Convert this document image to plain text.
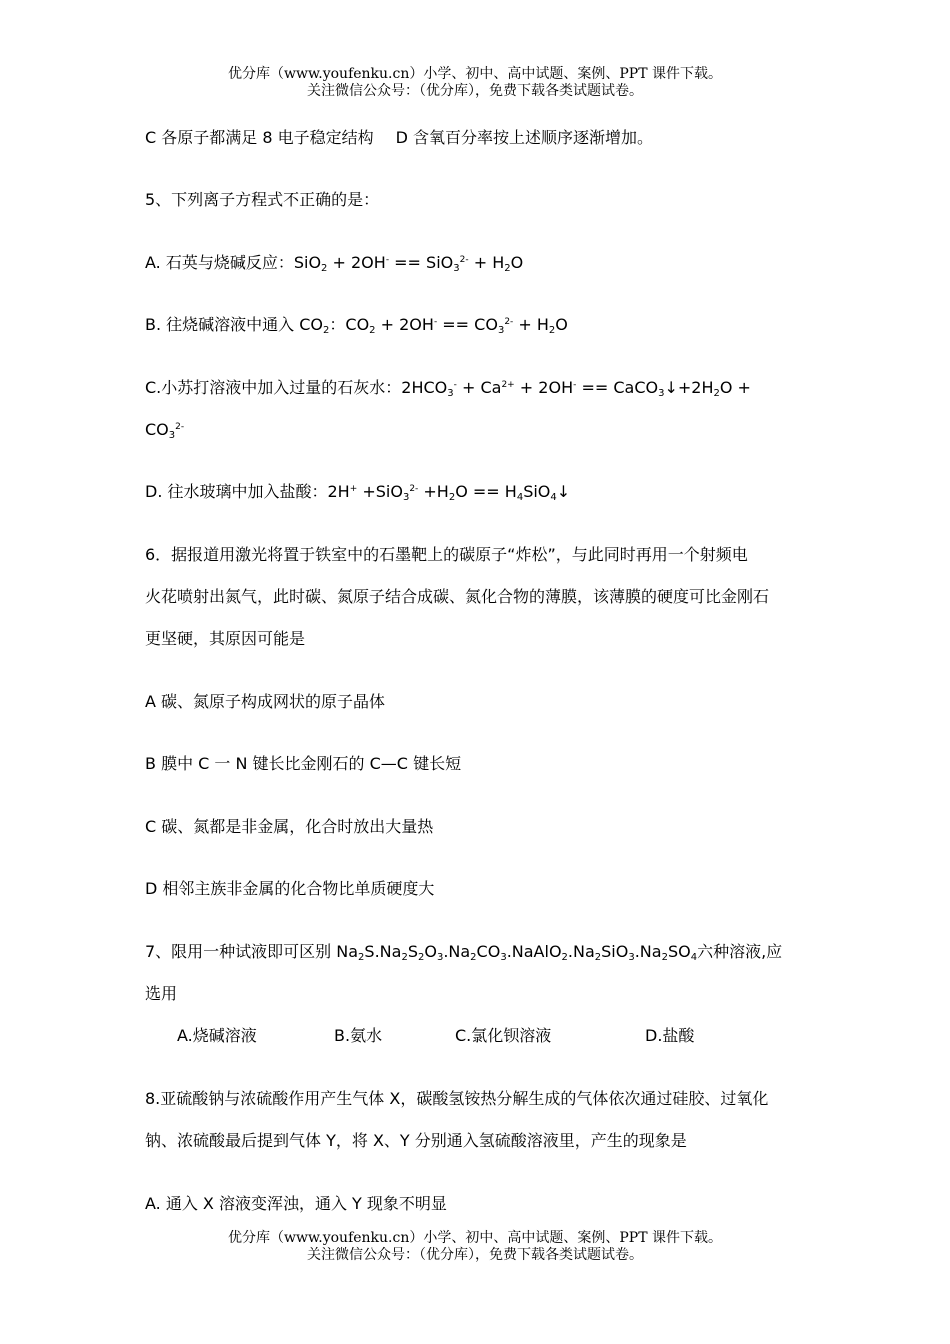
优分库（www.youfenku.cn）小学、初中、高中试题、案例、PPT 课件下载。
关注微信公众号：（优分库），免费下载各类试题试卷。
C 各原子都满足 8 电子稳定结构 D 含氧百分率按上述顺序逐渐增加。
5、下列离子方程式不正确的是：
A. 石英与烧碱反应：$SiO_2 + 2OH^- == SiO_3^{2-} + H_2O$
B. 往烧碱溶液中通入 $CO_2$：$CO_2 + 2OH^- == CO_3^{2-} + H_2O$
C.小苏打溶液中加入过量的石灰水：$2HCO_3^- + Ca^{2+} + 2OH^-$ == $CaCO_3↓+2H_2O$ +
$CO_3^{2-}$
D. 往水玻璃中加入盐酸：$2H^+ +SiO_3^{2-} +H_2O$ == $H_4SiO_4↓$
6．据报道用激光将置于铁室中的石墨靶上的碳原子“炸松”，与此同时再用一个射频电
火花喷射出氮气，此时碳、氮原子结合成碳、氮化合物的薄膜，该薄膜的硬度可比金刚石
更坚硬，其原因可能是
A 碳、氮原子构成网状的原子晶体
B 膜中 C 一 N 键长比金刚石的 C—C 键长短
C 碳、氮都是非金属，化合时放出大量热
D 相邻主族非金属的化合物比单质硬度大
7、限用一种试液即可区别 $Na_2S.Na_2S_2O_3.Na_2CO_3.NaAlO_2.Na_2SiO_3.Na_2SO_4$六种溶液,应
选用
A.烧碱溶液	B.氨水	C.氯化钡溶液	D.盐酸
8.亚硫酸钠与浓硫酸作用产生气体 X，碳酸氢铵热分解生成的气体依次通过硅胶、过氧化
钠、浓硫酸最后提到气体 Y，将 X、Y 分别通入氢硫酸溶液里，产生的现象是
A. 通入 X 溶液变浑浊，通入 Y 现象不明显
优分库（www.youfenku.cn）小学、初中、高中试题、案例、PPT 课件下载。
关注微信公众号：（优分库），免费下载各类试题试卷。
